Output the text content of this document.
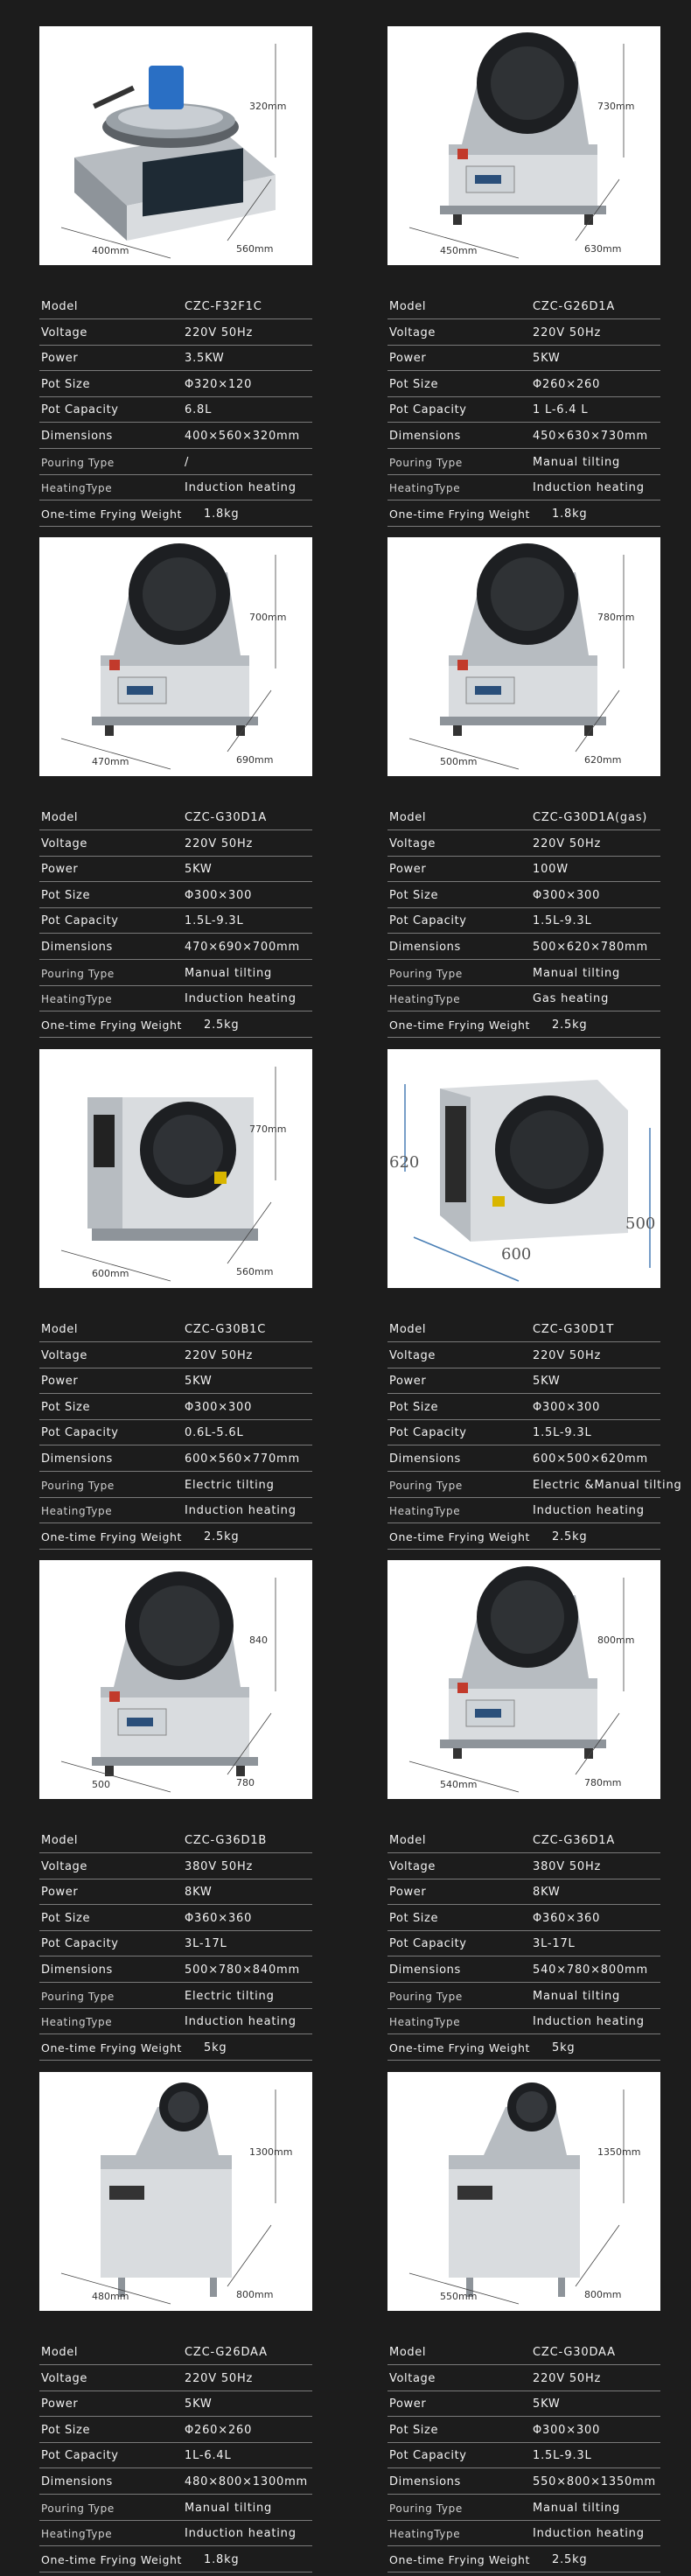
320mm
560mm
400mm
Model	CZC-F32F1C
Voltage	220V 50Hz
Power	3.5KW
Pot Size	Φ320×120
Pot Capacity	6.8L
Dimensions	400×560×320mm
Pouring Type	/
HeatingType	Induction heating
One-time Frying Weight 1.8kg
730mm
630mm
450mm
Model	CZC-G26D1A
Voltage	220V 50Hz
Power	5KW
Pot Size	Φ260×260
Pot Capacity	1 L-6.4 L
Dimensions	450×630×730mm
Pouring Type	Manual tilting
HeatingType	Induction heating
One-time Frying Weight 1.8kg
700mm
690mm
470mm
Model	CZC-G30D1A
Voltage	220V 50Hz
Power	5KW
Pot Size	Φ300×300
Pot Capacity	1.5L-9.3L
Dimensions	470×690×700mm
Pouring Type	Manual tilting
HeatingType	Induction heating
One-time Frying Weight 2.5kg
780mm
620mm
500mm
Model	CZC-G30D1A(gas)
Voltage	220V 50Hz
Power	100W
Pot Size	Φ300×300
Pot Capacity	1.5L-9.3L
Dimensions	500×620×780mm
Pouring Type	Manual tilting
HeatingType	Gas heating
One-time Frying Weight 2.5kg
770mm
560mm
600mm
Model	CZC-G30B1C
Voltage	220V 50Hz
Power	5KW
Pot Size	Φ300×300
Pot Capacity	0.6L-5.6L
Dimensions	600×560×770mm
Pouring Type	Electric tilting
HeatingType	Induction heating
One-time Frying Weight 2.5kg
620
500
600
Model	CZC-G30D1T
Voltage	220V 50Hz
Power	5KW
Pot Size	Φ300×300
Pot Capacity	1.5L-9.3L
Dimensions	600×500×620mm
Pouring Type	Electric &Manual tilting
HeatingType	Induction heating
One-time Frying Weight 2.5kg
840
780
500
Model	CZC-G36D1B
Voltage	380V 50Hz
Power	8KW
Pot Size	Φ360×360
Pot Capacity	3L-17L
Dimensions	500×780×840mm
Pouring Type	Electric tilting
HeatingType	Induction heating
One-time Frying Weight 5kg
800mm
780mm
540mm
Model	CZC-G36D1A
Voltage	380V 50Hz
Power	8KW
Pot Size	Φ360×360
Pot Capacity	3L-17L
Dimensions	540×780×800mm
Pouring Type	Manual tilting
HeatingType	Induction heating
One-time Frying Weight 5kg
1300mm
800mm
480mm
Model	CZC-G26DAA
Voltage	220V 50Hz
Power	5KW
Pot Size	Φ260×260
Pot Capacity	1L-6.4L
Dimensions	480×800×1300mm
Pouring Type	Manual tilting
HeatingType	Induction heating
One-time Frying Weight 1.8kg
1350mm
800mm
550mm
Model	CZC-G30DAA
Voltage	220V 50Hz
Power	5KW
Pot Size	Φ300×300
Pot Capacity	1.5L-9.3L
Dimensions	550×800×1350mm
Pouring Type	Manual tilting
HeatingType	Induction heating
One-time Frying Weight 2.5kg
